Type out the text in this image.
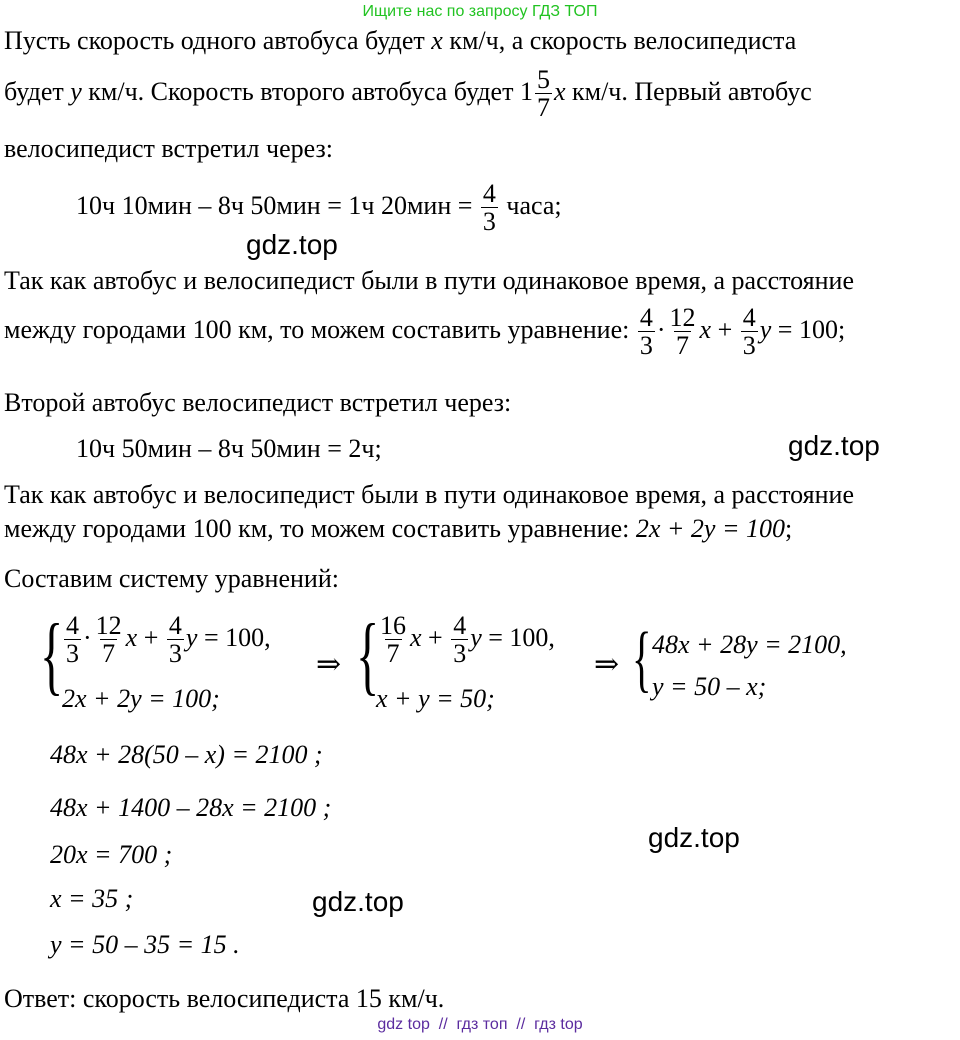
Ищите нас по запросу ГДЗ ТОП
Пусть скорость одного автобуса будет x км/ч, а скорость велосипедиста
будет y км/ч. Скорость второго автобуса будет $1 \frac{5}{7}$ x км/ч. Первый автобус
велосипедист встретил через:
10ч 10мин – 8ч 50мин = 1ч $20мин = \frac{4}{3}$ часа;
gdz.top
Так как автобус и велосипедист были в пути одинаковое время, а расстояние
между городами 100 км, то можем составить уравнение: $\frac{4}{3} \cdot \frac{12}{7}$ $x + \frac{4}{3}$ y = 100;
Второй автобус велосипедист встретил через:
10ч 50мин – 8ч 50мин = 2ч;	gdz.top
Так как автобус и велосипедист были в пути одинаковое время, а расстояние
между городами 100 км, то можем составить уравнение: 2x + 2y = 100;
Составим систему уравнений:
{ $\frac{4}{3} \cdot \frac{12}{7}$ $x + \frac{4}{3}$ y = 100,
2x + 2y = 100;
⇒ {
$\frac{16}{7}$ $x + \frac{4}{3}$ y = 100,
x + y = 50;
⇒ { 48x + 28y = 2100,
y = 50 – x;
48x + 28(50 – x) = 2100 ;
48x + 1400 – 28x = 2100 ;
20x = 700 ;
x = 35 ;
y = 50 – 35 = 15 .
gdz.top
gdz.top
Ответ: скорость велосипедиста 15 км/ч.
gdz top  //  гдз топ  //  гдз top
